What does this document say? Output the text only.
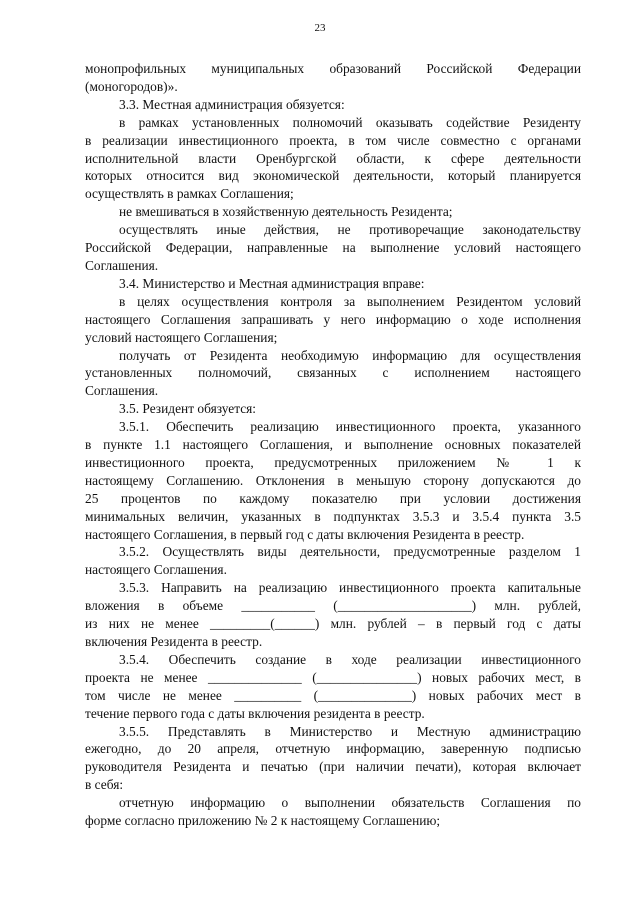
23

монопрофильных муниципальных образований Российской Федерации
(моногородов)».

3.3. Местная администрация обязуется:

в рамках установленных полномочий оказывать содействие Резиденту
в реализации инвестиционного проекта, в том числе совместно с органами
исполнительной власти Оренбургской области, к сфере деятельности
которых относится вид экономической деятельности, который планируется
осуществлять в рамках Соглашения;

не вмешиваться в хозяйственную деятельность Резидента;

осуществлять иные действия, не противоречащие законодательству
Российской Федерации, направленные на выполнение условий настоящего
Соглашения.

3.4. Министерство и Местная администрация вправе:

в целях осуществления контроля за выполнением Резидентом условий
настоящего Соглашения запрашивать у него информацию о ходе исполнения
условий настоящего Соглашения;

получать от Резидента необходимую информацию для осуществления
установленных полномочий, связанных с исполнением настоящего
Соглашения.

3.5. Резидент обязуется:

3.5.1. Обеспечить реализацию инвестиционного проекта, указанного
в пункте 1.1 настоящего Соглашения, и выполнение основных показателей
инвестиционного проекта, предусмотренных приложением № 1 к
настоящему Соглашению. Отклонения в меньшую сторону допускаются до
25 процентов по каждому показателю при условии достижения
минимальных величин, указанных в подпунктах 3.5.3 и 3.5.4 пункта 3.5
настоящего Соглашения, в первый год с даты включения Резидента в реестр.

3.5.2. Осуществлять виды деятельности, предусмотренные разделом 1
настоящего Соглашения.

3.5.3. Направить на реализацию инвестиционного проекта капитальные
вложения в объеме ___________ (____________________) млн. рублей,
из них не менее _________(______) млн. рублей – в первый год с даты
включения Резидента в реестр.

3.5.4. Обеспечить создание в ходе реализации инвестиционного
проекта не менее ______________ (_______________) новых рабочих мест, в
том числе не менее __________ (______________) новых рабочих мест в
течение первого года с даты включения резидента в реестр.

3.5.5. Представлять в Министерство и Местную администрацию
ежегодно, до 20 апреля, отчетную информацию, заверенную подписью
руководителя Резидента и печатью (при наличии печати), которая включает
в себя:

отчетную информацию о выполнении обязательств Соглашения по
форме согласно приложению № 2 к настоящему Соглашению;
